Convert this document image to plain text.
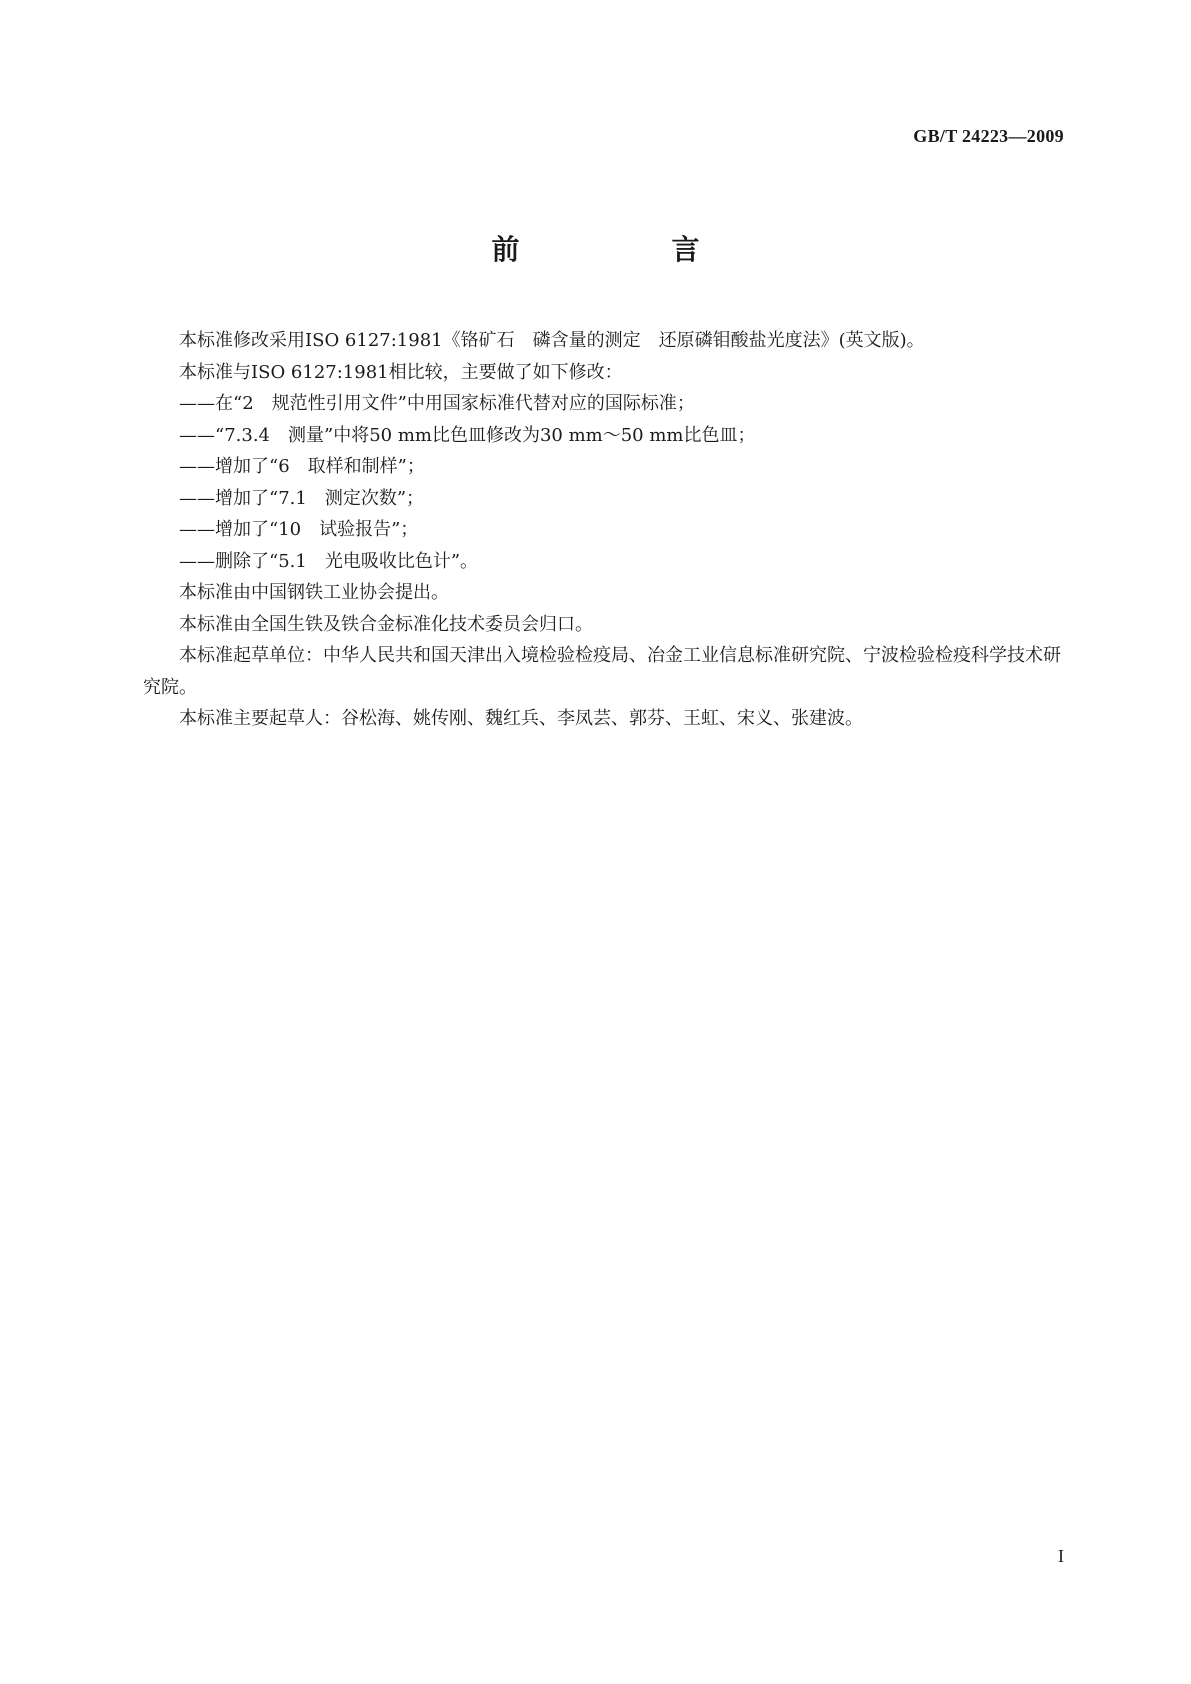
GB/T 24223—2009
前　言

本标准修改采用ISO 6127:1981《铬矿石　磷含量的测定　还原磷钼酸盐光度法》(英文版)。

本标准与ISO 6127:1981相比较，主要做了如下修改：

——在“2　规范性引用文件”中用国家标准代替对应的国际标准；

——“7.3.4　测量”中将50 mm比色皿修改为30 mm～50 mm比色皿；

——增加了“6　取样和制样”；

——增加了“7.1　测定次数”；

——增加了“10　试验报告”；

——删除了“5.1　光电吸收比色计”。

本标准由中国钢铁工业协会提出。

本标准由全国生铁及铁合金标准化技术委员会归口。

本标准起草单位：中华人民共和国天津出入境检验检疫局、冶金工业信息标准研究院、宁波检验检疫科学技术研究院。

本标准主要起草人：谷松海、姚传刚、魏红兵、李凤芸、郭芬、王虹、宋义、张建波。

I
